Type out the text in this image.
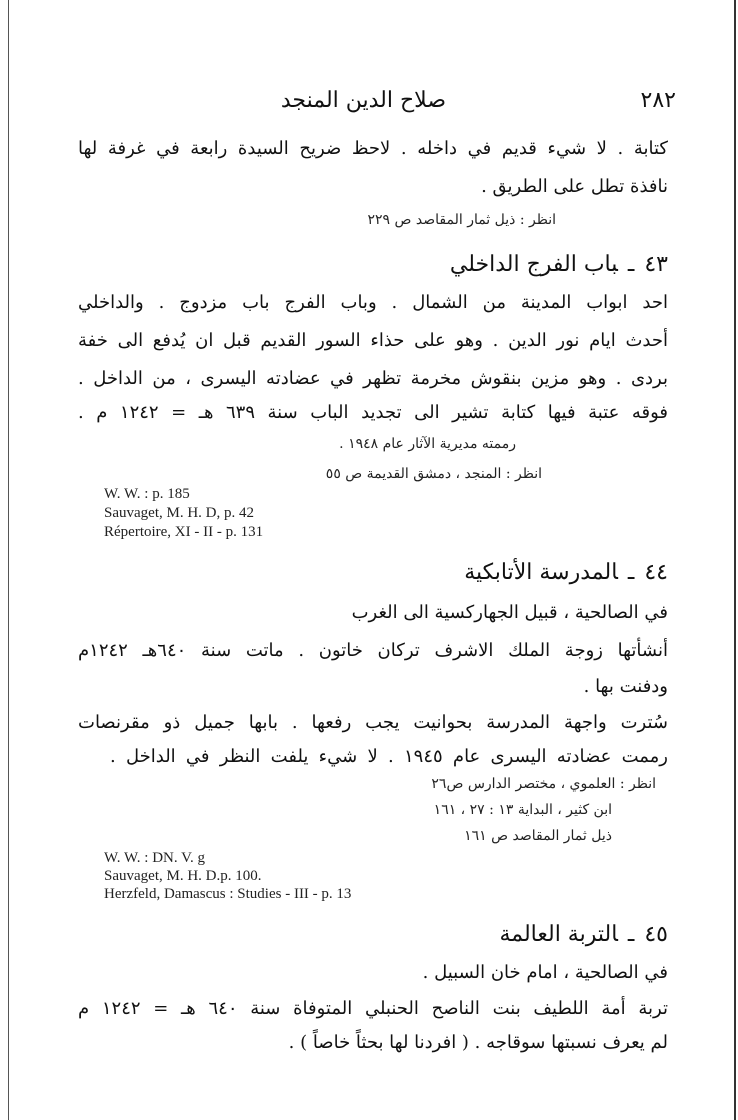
٢٨٢
صلاح الدين المنجد
كتابة . لا شيء قديم في داخله . لاحظ ضريح السيدة رابعة في غرفة لها
نافذة تطل على الطريق .
انظر : ذيل ثمار المقاصد ص ٢٢٩
٤٣ـباب الفرج الداخلي
احد ابواب المدينة من الشمال . وباب الفرج باب مزدوج . والداخلي
أحدث ايام نور الدين . وهو على حذاء السور القديم قبل ان يُدفع الى خفة
بردى . وهو مزين بنقوش مخرمة تظهر في عضادته اليسرى ، من الداخل .
فوقه عتبة فيها كتابة تشير الى تجديد الباب سنة ٦٣٩ هـ = ١٢٤٢ م .
رممته مديرية الآثار عام ١٩٤٨ .
انظر : المنجد ، دمشق القديمة ص ٥٥
W. W. : p. 185
Sauvaget, M. H. D, p. 42
Répertoire, XI - II - p. 131
٤٤ـالمدرسة الأتابكية
في الصالحية ، قبيل الجهاركسية الى الغرب
أنشأتها زوجة الملك الاشرف تركان خاتون . ماتت سنة ٦٤٠هـ ١٢٤٢م
ودفنت بها .
سُترت واجهة المدرسة بحوانيت يجب رفعها . بابها جميل ذو مقرنصات
رممت عضادته اليسرى عام ١٩٤٥ . لا شيء يلفت النظر في الداخل .
انظر : العلموي ، مختصر الدارس ص٢٦
ابن كثير ، البداية ١٣ : ٢٧ ، ١٦١
ذيل ثمار المقاصد ص ١٦١
W. W. : DN. V. g
Sauvaget, M. H. D.p. 100.
Herzfeld, Damascus : Studies - III - p. 13
٤٥ـالتربة العالمة
في الصالحية ، امام خان السبيل .
تربة أمة اللطيف بنت الناصح الحنبلي المتوفاة سنة ٦٤٠ هـ = ١٢٤٢ م
لم يعرف نسبتها سوقاجه . ( افردنا لها بحثاً خاصاً ) .
